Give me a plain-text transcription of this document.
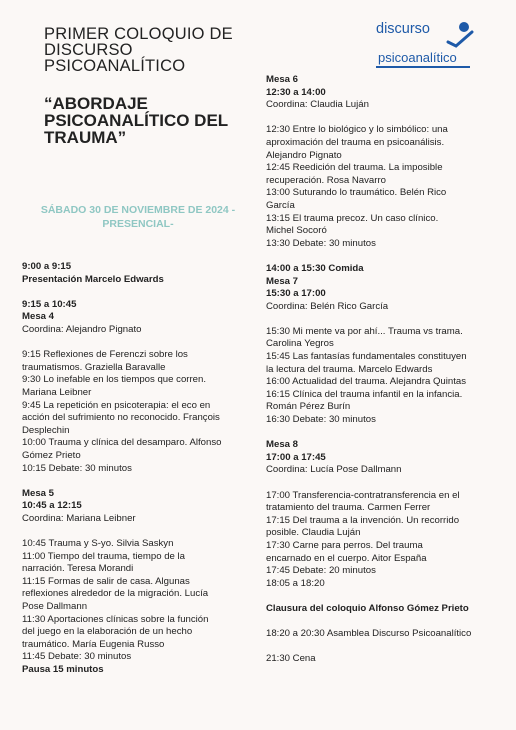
PRIMER COLOQUIO DE
DISCURSO
PSICOANALÍTICO
“ABORDAJE
PSICOANALÍTICO DEL
TRAUMA”
SÁBADO 30 DE NOVIEMBRE DE 2024 -
PRESENCIAL-
discurso
psicoanalítico

9:00 a 9:15

Presentación Marcelo Edwards

9:15 a 10:45

Mesa 4

Coordina: Alejandro Pignato

9:15 Reflexiones de Ferenczi sobre los

traumatismos. Graziella Baravalle

9:30 Lo inefable en los tiempos que corren.

Mariana Leibner

9:45 La repetición en psicoterapia: el eco en

acción del sufrimiento no reconocido. François

Desplechin

10:00 Trauma y clínica del desamparo. Alfonso

Gómez Prieto

10:15 Debate: 30 minutos

Mesa 5

10:45 a 12:15

Coordina: Mariana Leibner

10:45 Trauma y S-yo. Silvia Saskyn

11:00 Tiempo del trauma, tiempo de la

narración. Teresa Morandi

11:15 Formas de salir de casa. Algunas

reflexiones alrededor de la migración. Lucía

Pose Dallmann

11:30 Aportaciones clínicas sobre la función

del juego en la elaboración de un hecho

traumático. María Eugenia Russo

11:45 Debate: 30 minutos

Pausa 15 minutos

Mesa 6

12:30 a 14:00

Coordina: Claudia Luján

12:30 Entre lo biológico y lo simbólico: una

aproximación del trauma en psicoanálisis.

Alejandro Pignato

12:45 Reedición del trauma. La imposible

recuperación. Rosa Navarro

13:00 Suturando lo traumático. Belén Rico

García

13:15 El trauma precoz. Un caso clínico.

Michel Socoró

13:30 Debate: 30 minutos

14:00 a 15:30 Comida

Mesa 7

15:30 a 17:00

Coordina: Belén Rico García

15:30 Mi mente va por ahí... Trauma vs trama.

Carolina Yegros

15:45 Las fantasías fundamentales constituyen

la lectura del trauma. Marcelo Edwards

16:00 Actualidad del trauma. Alejandra Quintas

16:15 Clínica del trauma infantil en la infancia.

Román Pérez Burín

16:30 Debate: 30 minutos

Mesa 8

17:00 a 17:45

Coordina: Lucía Pose Dallmann

17:00 Transferencia-contratransferencia en el

tratamiento del trauma. Carmen Ferrer

17:15 Del trauma a la invención. Un recorrido

posible. Claudia Luján

17:30 Carne para perros. Del trauma

encarnado en el cuerpo. Aitor España

17:45 Debate: 20 minutos

18:05 a 18:20

Clausura del coloquio Alfonso Gómez Prieto

18:20 a 20:30 Asamblea Discurso Psicoanalítico

21:30 Cena
